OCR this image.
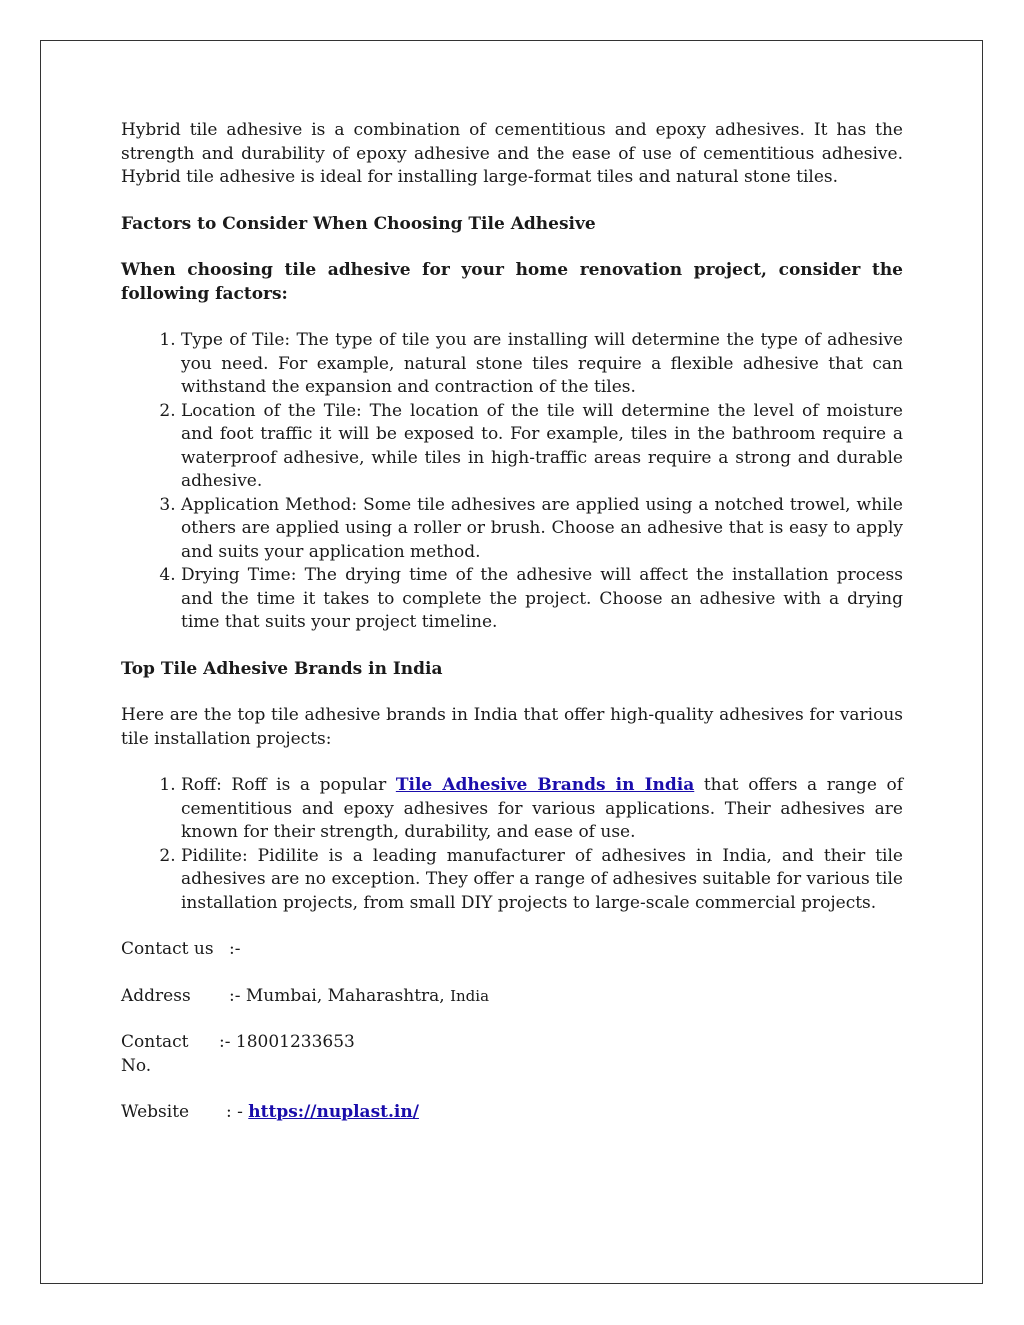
Hybrid tile adhesive is a combination of cementitious and epoxy adhesives. It has the strength and durability of epoxy adhesive and the ease of use of cementitious adhesive. Hybrid tile adhesive is ideal for installing large-format tiles and natural stone tiles.

Factors to Consider When Choosing Tile Adhesive

When choosing tile adhesive for your home renovation project, consider the following factors:

1. Type of Tile: The type of tile you are installing will determine the type of adhesive you need. For example, natural stone tiles require a flexible adhesive that can withstand the expansion and contraction of the tiles.
2. Location of the Tile: The location of the tile will determine the level of moisture and foot traffic it will be exposed to. For example, tiles in the bathroom require a waterproof adhesive, while tiles in high-traffic areas require a strong and durable adhesive.
3. Application Method: Some tile adhesives are applied using a notched trowel, while others are applied using a roller or brush. Choose an adhesive that is easy to apply and suits your application method.
4. Drying Time: The drying time of the adhesive will affect the installation process and the time it takes to complete the project. Choose an adhesive with a drying time that suits your project timeline.

Top Tile Adhesive Brands in India

Here are the top tile adhesive brands in India that offer high-quality adhesives for various tile installation projects:

1. Roff: Roff is a popular Tile Adhesive Brands in India that offers a range of cementitious and epoxy adhesives for various applications. Their adhesives are known for their strength, durability, and ease of use.
2. Pidilite: Pidilite is a leading manufacturer of adhesives in India, and their tile adhesives are no exception. They offer a range of adhesives suitable for various tile installation projects, from small DIY projects to large-scale commercial projects.
Contact us :-
Address	:- Mumbai, Maharashtra, India
Contact No.
:- 18001233653
Website	: - https://nuplast.in/
